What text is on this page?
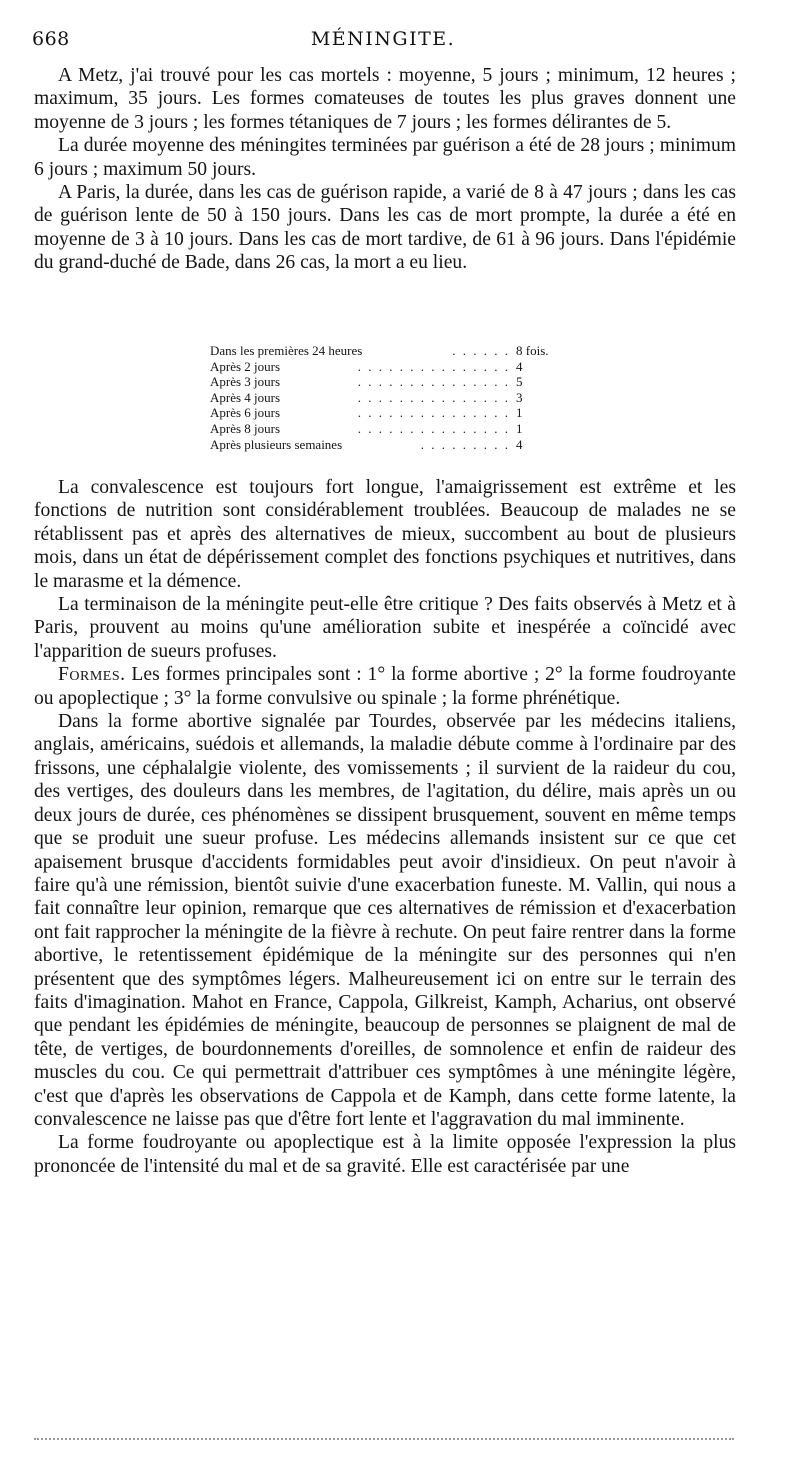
668	MÉNINGITE.

A Metz, j'ai trouvé pour les cas mortels : moyenne, 5 jours ; minimum, 12 heures ; maximum, 35 jours. Les formes comateuses de toutes les plus graves donnent une moyenne de 3 jours ; les formes tétaniques de 7 jours ; les formes délirantes de 5.

La durée moyenne des méningites terminées par guérison a été de 28 jours ; minimum 6 jours ; maximum 50 jours.

A Paris, la durée, dans les cas de guérison rapide, a varié de 8 à 47 jours ; dans les cas de guérison lente de 50 à 150 jours. Dans les cas de mort prompte, la durée a été en moyenne de 3 à 10 jours. Dans les cas de mort tardive, de 61 à 96 jours. Dans l'épidémie du grand-duché de Bade, dans 26 cas, la mort a eu lieu.

Dans les premières 24 heures	. . . . . . 8 fois.
Après 2 jours	. . . . . . . . . . . . . . . 4
Après 3 jours	. . . . . . . . . . . . . . . 5
Après 4 jours	. . . . . . . . . . . . . . . 3
Après 6 jours	. . . . . . . . . . . . . . . 1
Après 8 jours	. . . . . . . . . . . . . . . 1
Après plusieurs semaines	. . . . . . . . . 4

La convalescence est toujours fort longue, l'amaigrissement est extrême et les fonctions de nutrition sont considérablement troublées. Beaucoup de malades ne se rétablissent pas et après des alternatives de mieux, succombent au bout de plusieurs mois, dans un état de dépérissement complet des fonctions psychiques et nutritives, dans le marasme et la démence.

La terminaison de la méningite peut-elle être critique ? Des faits observés à Metz et à Paris, prouvent au moins qu'une amélioration subite et inespérée a coïncidé avec l'apparition de sueurs profuses.

Formes. Les formes principales sont : 1° la forme abortive ; 2° la forme foudroyante ou apoplectique ; 3° la forme convulsive ou spinale ; la forme phrénétique.

Dans la forme abortive signalée par Tourdes, observée par les médecins italiens, anglais, américains, suédois et allemands, la maladie débute comme à l'ordinaire par des frissons, une céphalalgie violente, des vomissements ; il survient de la raideur du cou, des vertiges, des douleurs dans les membres, de l'agitation, du délire, mais après un ou deux jours de durée, ces phénomènes se dissipent brusquement, souvent en même temps que se produit une sueur profuse. Les médecins allemands insistent sur ce que cet apaisement brusque d'accidents formidables peut avoir d'insidieux. On peut n'avoir à faire qu'à une rémission, bientôt suivie d'une exacerbation funeste. M. Vallin, qui nous a fait connaître leur opinion, remarque que ces alternatives de rémission et d'exacerbation ont fait rapprocher la méningite de la fièvre à rechute. On peut faire rentrer dans la forme abortive, le retentissement épidémique de la méningite sur des personnes qui n'en présentent que des symptômes légers. Malheureusement ici on entre sur le terrain des faits d'imagination. Mahot en France, Cappola, Gilkreist, Kamph, Acharius, ont observé que pendant les épidémies de méningite, beaucoup de personnes se plaignent de mal de tête, de vertiges, de bourdonnements d'oreilles, de somnolence et enfin de raideur des muscles du cou. Ce qui permettrait d'attribuer ces symptômes à une méningite légère, c'est que d'après les observations de Cappola et de Kamph, dans cette forme latente, la convalescence ne laisse pas que d'être fort lente et l'aggravation du mal imminente.

La forme foudroyante ou apoplectique est à la limite opposée l'expression la plus prononcée de l'intensité du mal et de sa gravité. Elle est caractérisée par une
